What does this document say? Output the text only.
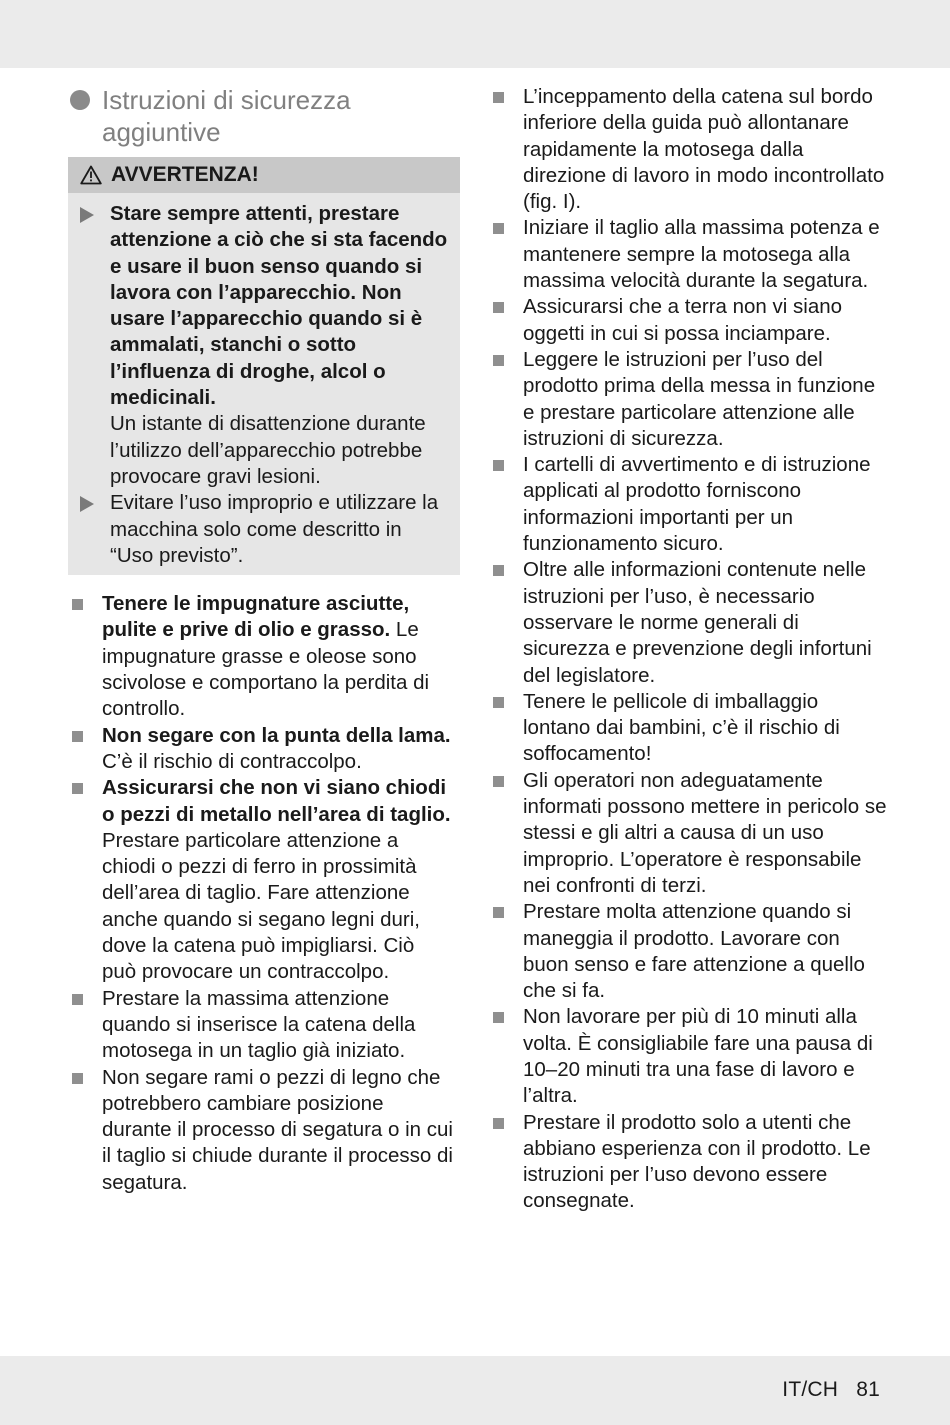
Istruzioni di sicurezza aggiuntive
AVVERTENZA!
Stare sempre attenti, prestare attenzione a ciò che si sta facendo e usare il buon senso quando si lavora con l’apparecchio. Non usare l’apparecchio quando si è ammalati, stanchi o sotto l’influenza di droghe, alcol o medicinali.
Un istante di disattenzione durante l’utilizzo dell’apparecchio potrebbe provocare gravi lesioni.
Evitare l’uso improprio e utilizzare la macchina solo come descritto in “Uso previsto”.
Tenere le impugnature asciutte, pulite e prive di olio e grasso. Le impugnature grasse e oleose sono scivolose e comportano la perdita di controllo.
Non segare con la punta della lama. C’è il rischio di contraccolpo.
Assicurarsi che non vi siano chiodi o pezzi di metallo nell’area di taglio. Prestare particolare attenzione a chiodi o pezzi di ferro in prossimità dell’area di taglio. Fare attenzione anche quando si segano legni duri, dove la catena può impigliarsi. Ciò può provocare un contraccolpo.
Prestare la massima attenzione quando si inserisce la catena della motosega in un taglio già iniziato.
Non segare rami o pezzi di legno che potrebbero cambiare posizione durante il processo di segatura o in cui il taglio si chiude durante il processo di segatura.
L’inceppamento della catena sul bordo inferiore della guida può allontanare rapidamente la motosega dalla direzione di lavoro in modo incontrollato (fig. I).
Iniziare il taglio alla massima potenza e mantenere sempre la motosega alla massima velocità durante la segatura.
Assicurarsi che a terra non vi siano oggetti in cui si possa inciampare.
Leggere le istruzioni per l’uso del prodotto prima della messa in funzione e prestare particolare attenzione alle istruzioni di sicurezza.
I cartelli di avvertimento e di istruzione applicati al prodotto forniscono informazioni importanti per un funzionamento sicuro.
Oltre alle informazioni contenute nelle istruzioni per l’uso, è necessario osservare le norme generali di sicurezza e prevenzione degli infortuni del legislatore.
Tenere le pellicole di imballaggio lontano dai bambini, c’è il rischio di soffocamento!
Gli operatori non adeguatamente informati possono mettere in pericolo se stessi e gli altri a causa di un uso improprio. L’operatore è responsabile nei confronti di terzi.
Prestare molta attenzione quando si maneggia il prodotto. Lavorare con buon senso e fare attenzione a quello che si fa.
Non lavorare per più di 10 minuti alla volta. È consigliabile fare una pausa di 10–20 minuti tra una fase di lavoro e l’altra.
Prestare il prodotto solo a utenti che abbiano esperienza con il prodotto. Le istruzioni per l’uso devono essere consegnate.
IT/CH 81
